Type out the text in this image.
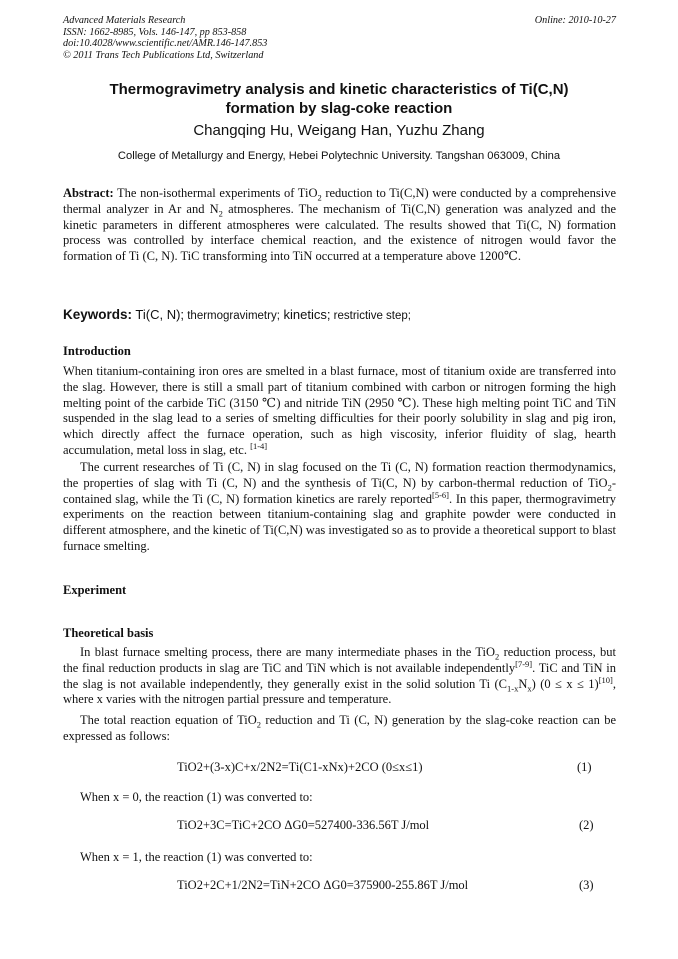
Advanced Materials Research
ISSN: 1662-8985, Vols. 146-147, pp 853-858
doi:10.4028/www.scientific.net/AMR.146-147.853
© 2011 Trans Tech Publications Ltd, Switzerland
Online: 2010-10-27
Thermogravimetry analysis and kinetic characteristics of Ti(C,N)
formation by slag-coke reaction
Changqing Hu, Weigang Han, Yuzhu Zhang
College of Metallurgy and Energy, Hebei Polytechnic University. Tangshan 063009, China
Abstract: The non-isothermal experiments of TiO$_2$ reduction to Ti(C,N) were conducted by a comprehensive thermal analyzer in Ar and $N_2$ atmospheres. The mechanism of Ti(C,N) generation was analyzed and the kinetic parameters in different atmospheres were calculated. The results showed that Ti(C, N) formation process was controlled by interface chemical reaction, and the existence of nitrogen would favor the formation of Ti (C, N). TiC transforming into TiN occurred at a temperature above 1200℃.
Keywords: Ti(C, N); thermogravimetry; kinetics; restrictive step;
Introduction
When titanium-containing iron ores are smelted in a blast furnace, most of titanium oxide are transferred into the slag. However, there is still a small part of titanium combined with carbon or nitrogen forming the high melting point of the carbide TiC (3150 ℃) and nitride TiN (2950 ℃). These high melting point TiC and TiN suspended in the slag lead to a series of smelting difficulties for their poorly solubility in slag and pig iron, which directly affect the furnace operation, such as high viscosity, inferior fluidity of slag, hearth accumulation, metal loss in slag, etc. [1-4]
The current researches of Ti (C, N) in slag focused on the Ti (C, N) formation reaction thermodynamics, the properties of slag with Ti (C, N) and the synthesis of Ti(C, N) by carbon-thermal reduction of TiO$_2$-contained slag, while the Ti (C, N) formation kinetics are rarely reported[5-6]. In this paper, thermogravimetry experiments on the reaction between titanium-containing slag and graphite powder were conducted in different atmosphere, and the kinetic of Ti(C,N) was investigated so as to provide a theoretical support to blast furnace smelting.
Experiment
Theoretical basis
In blast furnace smelting process, there are many intermediate phases in the TiO$_2$ reduction process, but the final reduction products in slag are TiC and TiN which is not available independently[7-9]. TiC and TiN in the slag is not available independently, they generally exist in the solid solution Ti $(C_{1-x}N_x) (0 \le x \le 1)[10]$, where x varies with the nitrogen partial pressure and temperature.
The total reaction equation of TiO$_2$ reduction and Ti (C, N) generation by the slag-coke reaction can be expressed as follows:
TiO2+(3-x)C+x/2N2=Ti(C1-xNx)+2CO (0≤x≤1)	(1)
When x = 0, the reaction (1) was converted to:
TiO2+3C=TiC+2CO ΔG0=527400-336.56T J/mol	(2)
When x = 1, the reaction (1) was converted to:
TiO2+2C+1/2N2=TiN+2CO ΔG0=375900-255.86T J/mol	(3)
